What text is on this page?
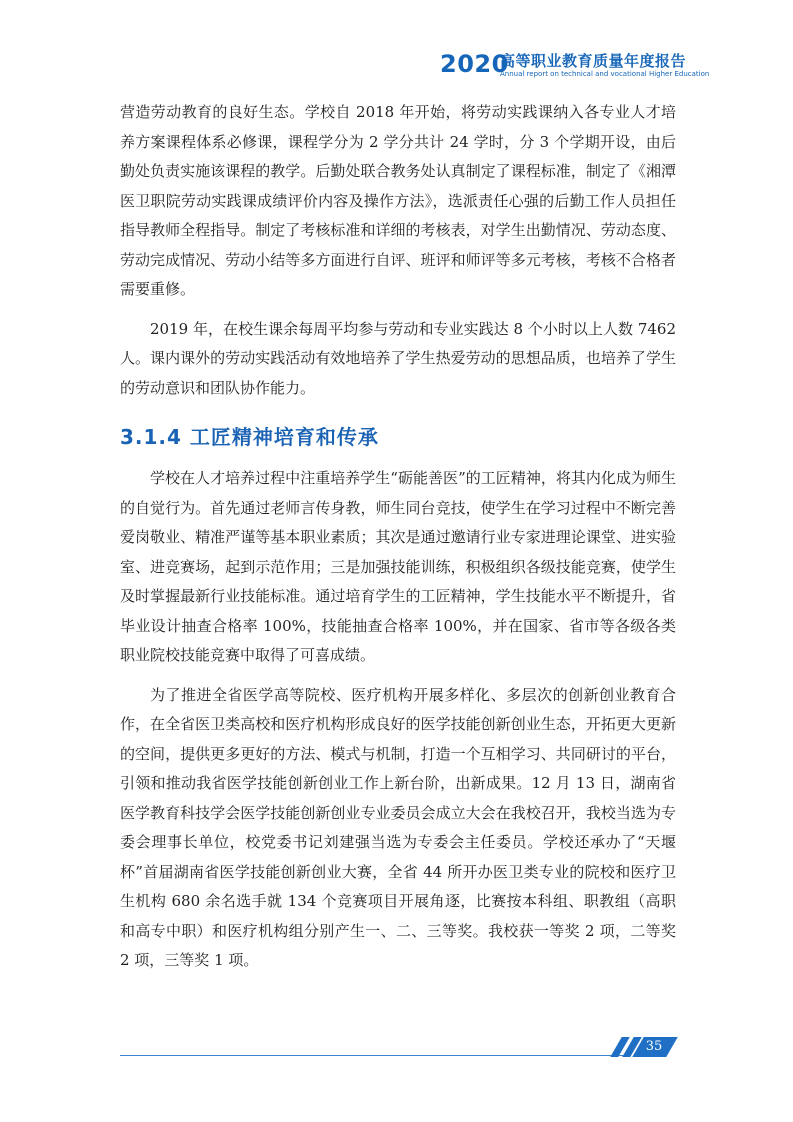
2020
高等职业教育质量年度报告
Annual report on technical and vocational Higher Education

营造劳动教育的良好生态。学校自 2018 年开始，将劳动实践课纳入各专业人才培养方案课程体系必修课，课程学分为 2 学分共计 24 学时，分 3 个学期开设，由后勤处负责实施该课程的教学。后勤处联合教务处认真制定了课程标准，制定了《湘潭医卫职院劳动实践课成绩评价内容及操作方法》，选派责任心强的后勤工作人员担任指导教师全程指导。制定了考核标准和详细的考核表，对学生出勤情况、劳动态度、劳动完成情况、劳动小结等多方面进行自评、班评和师评等多元考核，考核不合格者需要重修。

2019 年，在校生课余每周平均参与劳动和专业实践达 8 个小时以上人数 7462 人。课内课外的劳动实践活动有效地培养了学生热爱劳动的思想品质，也培养了学生的劳动意识和团队协作能力。

3.1.4 工匠精神培育和传承

学校在人才培养过程中注重培养学生“砺能善医”的工匠精神，将其内化成为师生的自觉行为。首先通过老师言传身教，师生同台竞技，使学生在学习过程中不断完善爱岗敬业、精准严谨等基本职业素质；其次是通过邀请行业专家进理论课堂、进实验室、进竞赛场，起到示范作用；三是加强技能训练，积极组织各级技能竞赛，使学生及时掌握最新行业技能标准。通过培育学生的工匠精神，学生技能水平不断提升，省毕业设计抽查合格率 100%，技能抽查合格率 100%，并在国家、省市等各级各类职业院校技能竞赛中取得了可喜成绩。

为了推进全省医学高等院校、医疗机构开展多样化、多层次的创新创业教育合作，在全省医卫类高校和医疗机构形成良好的医学技能创新创业生态，开拓更大更新的空间，提供更多更好的方法、模式与机制，打造一个互相学习、共同研讨的平台，引领和推动我省医学技能创新创业工作上新台阶，出新成果。12 月 13 日，湖南省医学教育科技学会医学技能创新创业专业委员会成立大会在我校召开，我校当选为专委会理事长单位，校党委书记刘建强当选为专委会主任委员。学校还承办了“天堰杯”首届湖南省医学技能创新创业大赛，全省 44 所开办医卫类专业的院校和医疗卫生机构 680 余名选手就 134 个竞赛项目开展角逐，比赛按本科组、职教组（高职和高专中职）和医疗机构组分别产生一、二、三等奖。我校获一等奖 2 项，二等奖 2 项，三等奖 1 项。

35
